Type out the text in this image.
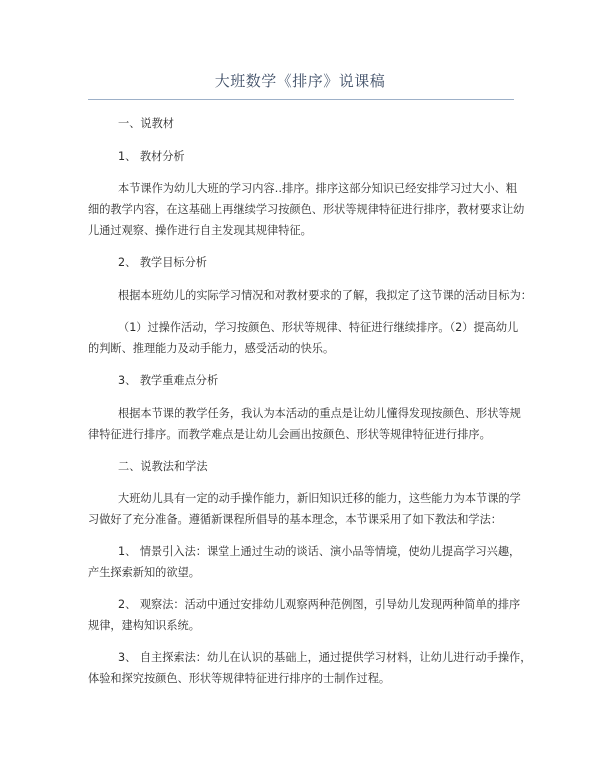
大班数学《排序》说课稿
一、说教材
1、 教材分析
本节课作为幼儿大班的学习内容‥排序。排序这部分知识已经安排学习过大小、粗
细的教学内容，在这基础上再继续学习按颜色、形状等规律特征进行排序，教材要求让幼
儿通过观察、操作进行自主发现其规律特征。
2、 教学目标分析
根据本班幼儿的实际学习情况和对教材要求的了解，我拟定了这节课的活动目标为：
（1）过操作活动，学习按颜色、形状等规律、特征进行继续排序。（2）提高幼儿
的判断、推理能力及动手能力，感受活动的快乐。
3、 教学重难点分析
根据本节课的教学任务，我认为本活动的重点是让幼儿懂得发现按颜色、形状等规
律特征进行排序。而教学难点是让幼儿会画出按颜色、形状等规律特征进行排序。
二、说教法和学法
大班幼儿具有一定的动手操作能力，新旧知识迁移的能力，这些能力为本节课的学
习做好了充分准备。遵循新课程所倡导的基本理念，本节课采用了如下教法和学法：
1、 情景引入法：课堂上通过生动的谈话、演小品等情境，使幼儿提高学习兴趣，
产生探索新知的欲望。
2、 观察法：活动中通过安排幼儿观察两种范例图，引导幼儿发现两种简单的排序
规律，建构知识系统。
3、 自主探索法：幼儿在认识的基础上，通过提供学习材料，让幼儿进行动手操作，
体验和探究按颜色、形状等规律特征进行排序的士制作过程。
